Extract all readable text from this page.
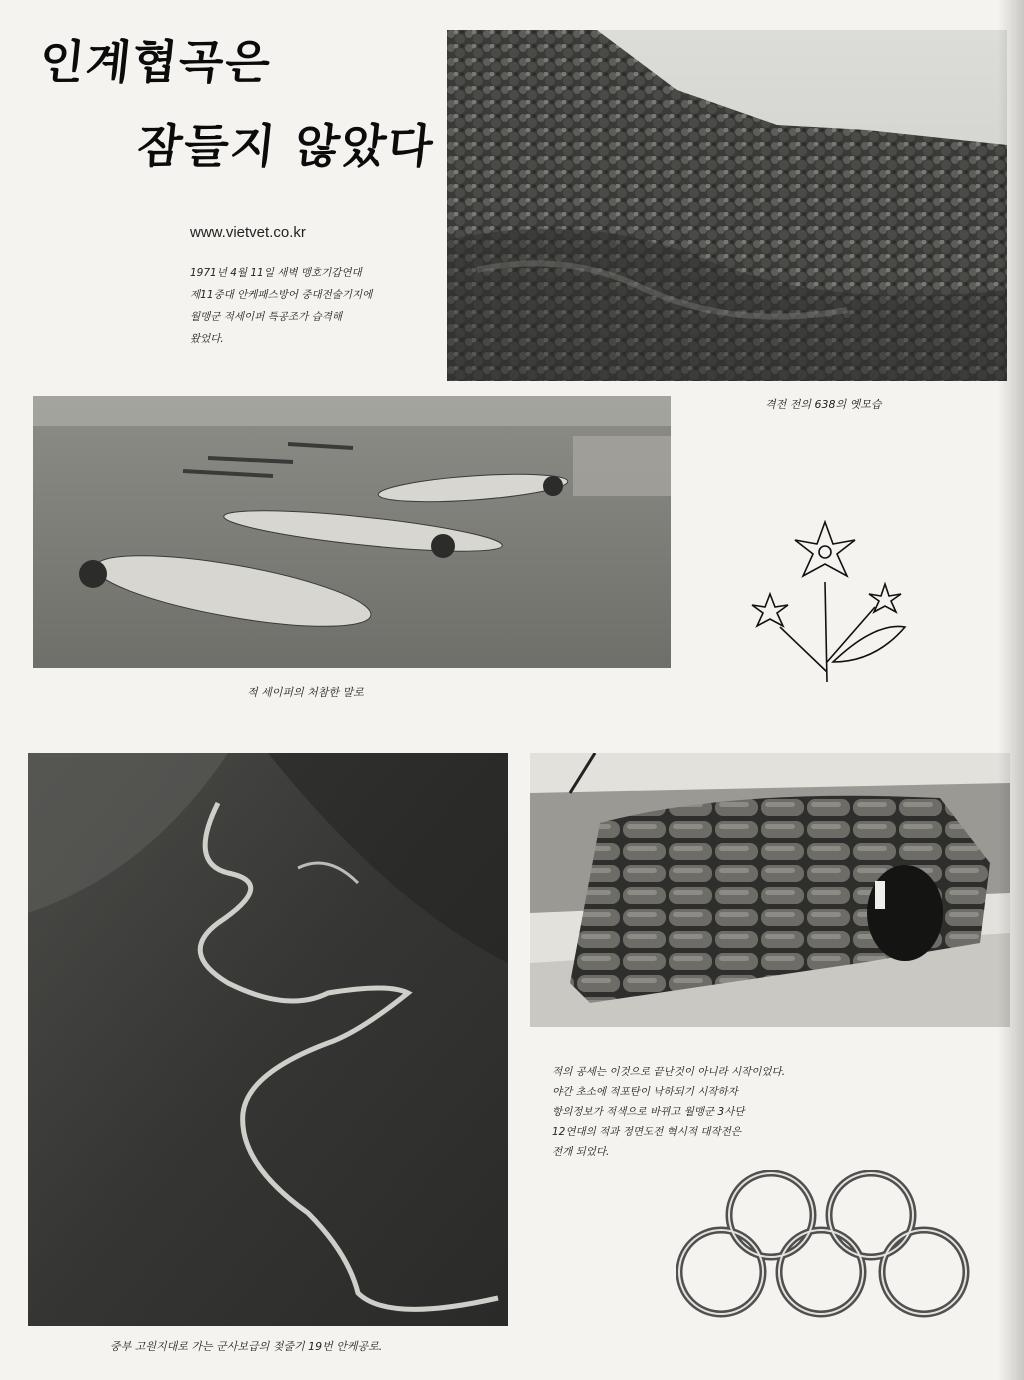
인계협곡은
잠들지 않았다
www.vietvet.co.kr
1971년 4월 11일 새벽 맹호기갑연대
제11중대 안케패스방어 중대전술기지에
월맹군 적세이퍼 특공조가 습격해
왔었다.
격전 전의 638의 옛모습
적 세이퍼의 처참한 말로
중부 고원지대로 가는 군사보급의 젖줄기 19번 안케공로.
적의 공세는 이것으로 끝난것이 아니라 시작이었다.
야간 초소에 적포탄이 낙하되기 시작하자
항의정보가 적색으로 바뀌고 월맹군 3사단
12연대의 적과 정면도전 혁시적 대작전은
전개 되었다.
